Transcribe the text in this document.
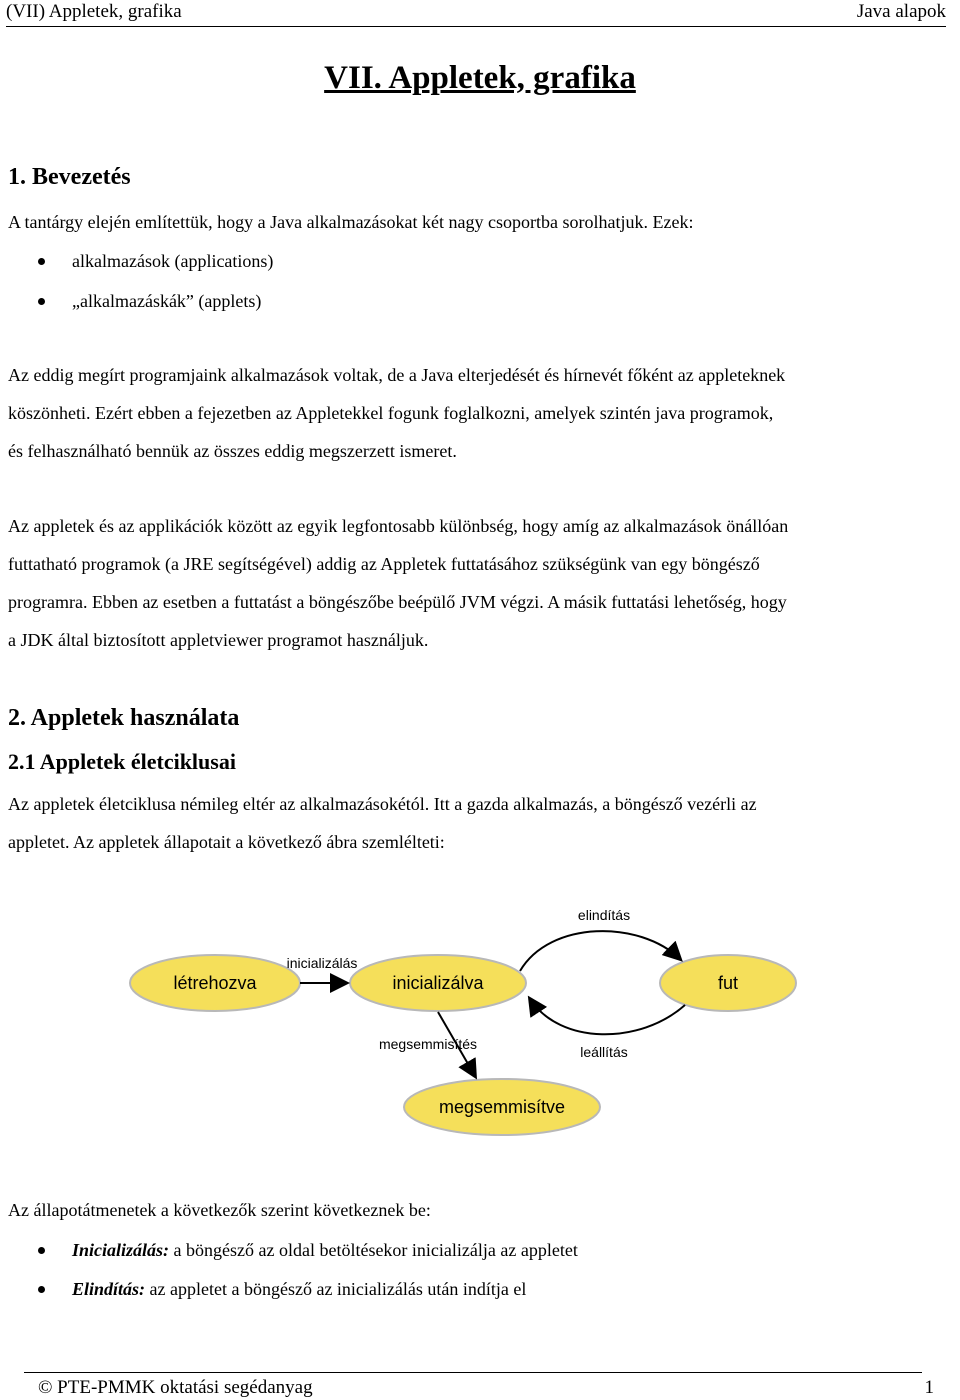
(VII) Appletek, grafika	Java alapok
VII. Appletek, grafika
1. Bevezetés
A tantárgy elején említettük, hogy a Java alkalmazásokat két nagy csoportba sorolhatjuk. Ezek:
alkalmazások (applications)
„alkalmazáskák” (applets)
Az eddig megírt programjaink alkalmazások voltak, de a Java elterjedését és hírnevét főként az appleteknek
köszönheti. Ezért ebben a fejezetben az Appletekkel fogunk foglalkozni, amelyek szintén java programok,
és felhasználható bennük az összes eddig megszerzett ismeret.
Az appletek és az applikációk között az egyik legfontosabb különbség, hogy amíg az alkalmazások önállóan
futtatható programok (a JRE segítségével) addig az Appletek futtatásához szükségünk van egy böngésző
programra. Ebben az esetben a futtatást a böngészőbe beépülő JVM végzi. A másik futtatási lehetőség, hogy
a JDK által biztosított appletviewer programot használjuk.
2. Appletek használata
2.1 Appletek életciklusai
Az appletek életciklusa némileg eltér az alkalmazásokétól. Itt a gazda alkalmazás, a böngésző vezérli az
appletet. Az appletek állapotait a következő ábra szemlélteti:
létrehozva	inicializálva	fut
megsemmisítve
inicializálás
elindítás
leállítás
megsemmisítés
Az állapotátmenetek a következők szerint következnek be:
Inicializálás: a böngésző az oldal betöltésekor inicializálja az appletet
Elindítás: az appletet a böngésző az inicializálás után indítja el
© PTE-PMMK oktatási segédanyag	1
